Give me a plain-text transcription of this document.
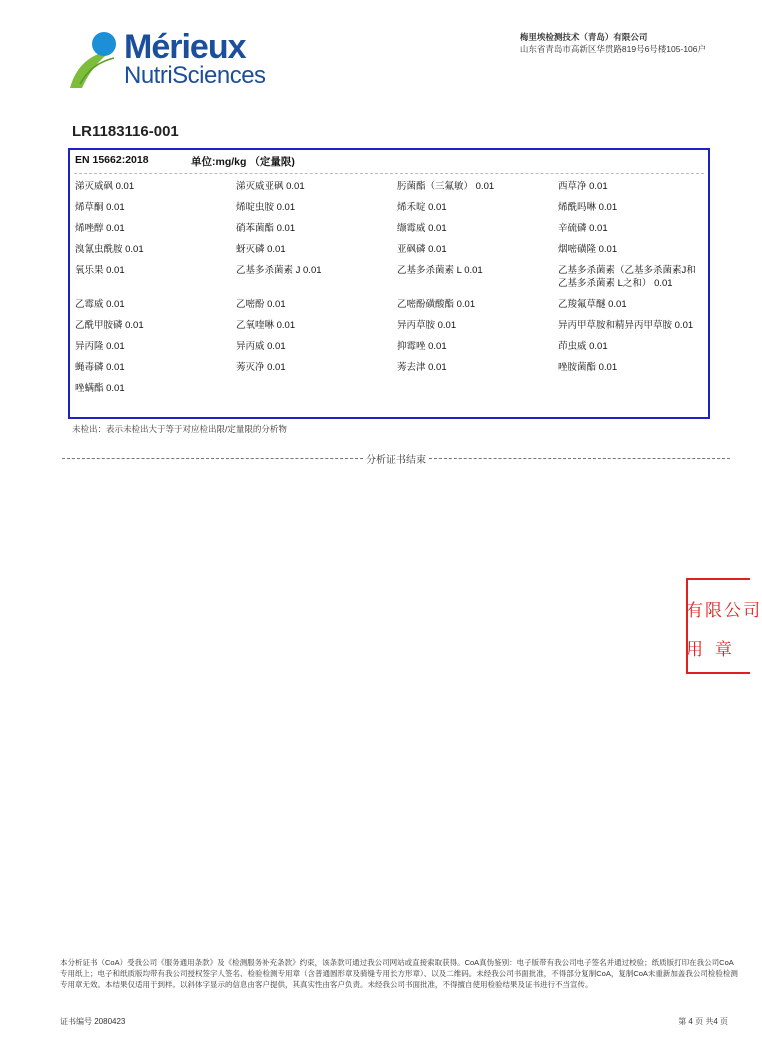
Mérieux
NutriSciences
梅里埃检测技术（青岛）有限公司
山东省青岛市高新区华贯路819号6号楼105-106户
LR1183116-001
EN 15662:2018	单位:mg/kg （定量限)
涕灭威砜 0.01	涕灭威亚砜 0.01	肟菌酯（三氟敏） 0.01	西草净 0.01
烯草酮 0.01	烯啶虫胺 0.01	烯禾啶 0.01	烯酰吗啉 0.01
烯唑醇 0.01	硝苯菌酯 0.01	缬霉威 0.01	辛硫磷 0.01
溴氰虫酰胺 0.01	蚜灭磷 0.01	亚砜磷 0.01	烟嘧磺隆 0.01
氧乐果 0.01	乙基多杀菌素 J 0.01	乙基多杀菌素 L 0.01	乙基多杀菌素（乙基多杀菌素J和乙基多杀菌素 L之和） 0.01
乙霉威 0.01	乙嘧酚 0.01	乙嘧酚磺酸酯 0.01	乙羧氟草醚 0.01
乙酰甲胺磷 0.01	乙氧喹啉 0.01	异丙草胺 0.01	异丙甲草胺和精异丙甲草胺 0.01
异丙隆 0.01	异丙威 0.01	抑霉唑 0.01	茚虫威 0.01
蝇毒磷 0.01	莠灭净 0.01	莠去津 0.01	唑胺菌酯 0.01
唑螨酯 0.01
未检出：表示未检出大于等于对应检出限/定量限的分析物
分析证书结束
有限公司
用章
本分析证书（CoA）受我公司《服务通用条款》及《检测服务补充条款》约束，该条款可通过我公司网站或直接索取获得。CoA真伪鉴别：电子版带有我公司电子签名并通过校验；纸质版打印在我公司CoA专用纸上；电子和纸质版均带有我公司授权签字人签名、检验检测专用章（含普通圆形章及骑缝专用长方形章）、以及二维码。未经我公司书面批准，不得部分复制CoA，复制CoA未重新加盖我公司检验检测专用章无效。本结果仅适用于到样。以斜体字显示的信息由客户提供，其真实性由客户负责。未经我公司书面批准，不得擅自使用检验结果及证书进行不当宣传。
证书编号 2080423	第 4 页 共4 页
